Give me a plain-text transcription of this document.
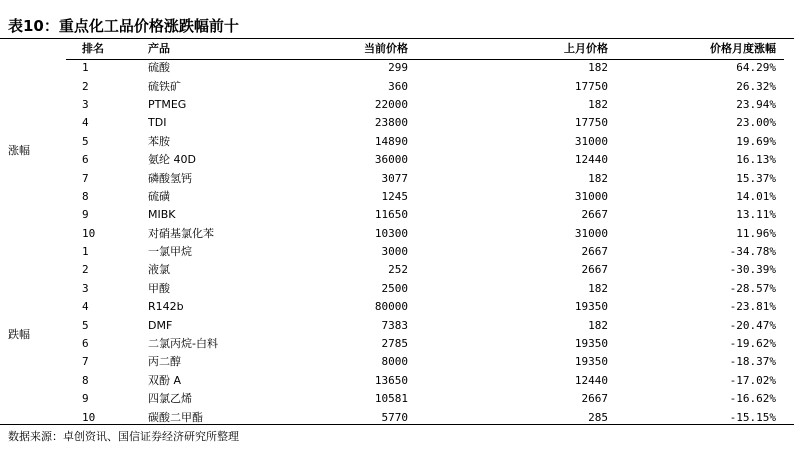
表10：重点化工品价格涨跌幅前十
	排名	产品	当前价格	上月价格	价格月度涨幅	
涨幅	1	硫酸	299	182	64.29%	
	2	硫铁矿	360	17750	26.32%	
	3	PTMEG	22000	182	23.94%	
	4	TDI	23800	17750	23.00%	
	5	苯胺	14890	31000	19.69%	
	6	氨纶 40D	36000	12440	16.13%	
	7	磷酸氢钙	3077	182	15.37%	
	8	硫磺	1245	31000	14.01%	
	9	MIBK	11650	2667	13.11%	
	10	对硝基氯化苯	10300	31000	11.96%	
跌幅	1	一氯甲烷	3000	2667	-34.78%	
	2	液氯	252	2667	-30.39%	
	3	甲酸	2500	182	-28.57%	
	4	R142b	80000	19350	-23.81%	
	5	DMF	7383	182	-20.47%	
	6	二氯丙烷-白料	2785	19350	-19.62%	
	7	丙二醇	8000	19350	-18.37%	
	8	双酚 A	13650	12440	-17.02%	
	9	四氯乙烯	10581	2667	-16.62%	
	10	碳酸二甲酯	5770	285	-15.15%	
数据来源：卓创资讯、国信证券经济研究所整理
